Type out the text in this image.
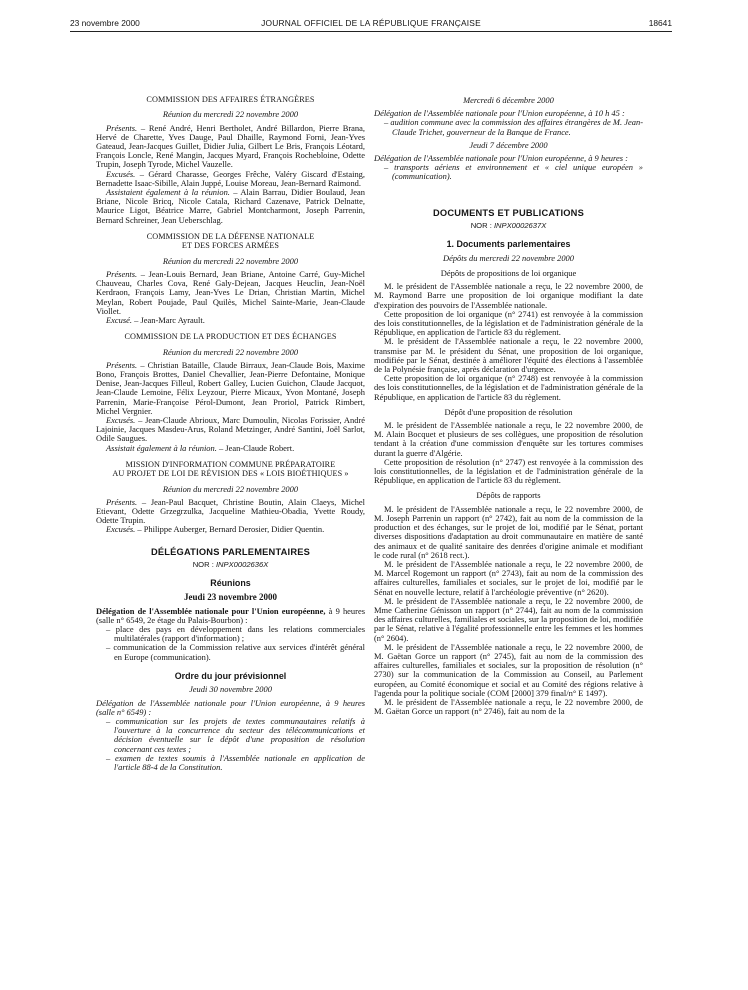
23 novembre 2000	JOURNAL OFFICIEL DE LA RÉPUBLIQUE FRANÇAISE	18641
COMMISSION DES AFFAIRES ÉTRANGÈRES
Réunion du mercredi 22 novembre 2000

Présents. – René André, Henri Bertholet, André Billardon, Pierre Brana, Hervé de Charette, Yves Dauge, Paul Dhaille, Raymond Forni, Jean-Yves Gateaud, Jean-Jacques Guillet, Didier Julia, Gilbert Le Bris, François Léotard, François Loncle, René Mangin, Jacques Myard, François Rochebloine, Odette Trupin, Joseph Tyrode, Michel Vauzelle.

Excusés. – Gérard Charasse, Georges Frêche, Valéry Giscard d'Estaing, Bernadette Isaac-Sibille, Alain Juppé, Louise Moreau, Jean-Bernard Raimond.

Assistaient également à la réunion. – Alain Barrau, Didier Boulaud, Jean Briane, Nicole Bricq, Nicole Catala, Richard Cazenave, Patrick Delnatte, Maurice Ligot, Béatrice Marre, Gabriel Montcharmont, Joseph Parrenin, Bernard Schreiner, Jean Ueberschlag.

COMMISSION DE LA DÉFENSE NATIONALE
ET DES FORCES ARMÉES
Réunion du mercredi 22 novembre 2000

Présents. – Jean-Louis Bernard, Jean Briane, Antoine Carré, Guy-Michel Chauveau, Charles Cova, René Galy-Dejean, Jacques Heuclin, Jean-Noël Kerdraon, François Lamy, Jean-Yves Le Drian, Christian Martin, Michel Meylan, Robert Poujade, Paul Quilès, Michel Sainte-Marie, Jean-Claude Viollet.

Excusé. – Jean-Marc Ayrault.

COMMISSION DE LA PRODUCTION ET DES ÉCHANGES
Réunion du mercredi 22 novembre 2000

Présents. – Christian Bataille, Claude Birraux, Jean-Claude Bois, Maxime Bono, François Brottes, Daniel Chevallier, Jean-Pierre Defontaine, Monique Denise, Jean-Jacques Filleul, Robert Galley, Lucien Guichon, Claude Jacquot, Jean-Claude Lemoine, Félix Leyzour, Pierre Micaux, Yvon Montané, Joseph Parrenin, Marie-Françoise Pérol-Dumont, Jean Proriol, Patrick Rimbert, Michel Vergnier.

Excusés. – Jean-Claude Abrioux, Marc Dumoulin, Nicolas Forissier, André Lajoinie, Jacques Masdeu-Arus, Roland Metzinger, André Santini, Joël Sarlot, Odile Saugues.

Assistait également à la réunion. – Jean-Claude Robert.

MISSION D'INFORMATION COMMUNE PRÉPARATOIRE
AU PROJET DE LOI DE RÉVISION DES « LOIS BIOÉTHIQUES »
Réunion du mercredi 22 novembre 2000

Présents. – Jean-Paul Bacquet, Christine Boutin, Alain Claeys, Michel Etievant, Odette Grzegrzulka, Jacqueline Mathieu-Obadia, Yvette Roudy, Odette Trupin.

Excusés. – Philippe Auberger, Bernard Derosier, Didier Quentin.

DÉLÉGATIONS PARLEMENTAIRES
NOR : INPX0002636X
Réunions
Jeudi 23 novembre 2000

Délégation de l'Assemblée nationale pour l'Union européenne, à 9 heures (salle n° 6549, 2e étage du Palais-Bourbon) :

– place des pays en développement dans les relations commerciales multilatérales (rapport d'information) ;

– communication de la Commission relative aux services d'intérêt général en Europe (communication).

Ordre du jour prévisionnel
Jeudi 30 novembre 2000

Délégation de l'Assemblée nationale pour l'Union européenne, à 9 heures (salle n° 6549) :

– communication sur les projets de textes communautaires relatifs à l'ouverture à la concurrence du secteur des télécommunications et décision éventuelle sur le dépôt d'une proposition de résolution concernant ces textes ;

– examen de textes soumis à l'Assemblée nationale en application de l'article 88-4 de la Constitution.

Mercredi 6 décembre 2000

Délégation de l'Assemblée nationale pour l'Union européenne, à 10 h 45 :

– audition commune avec la commission des affaires étrangères de M. Jean-Claude Trichet, gouverneur de la Banque de France.

Jeudi 7 décembre 2000

Délégation de l'Assemblée nationale pour l'Union européenne, à 9 heures :

– transports aériens et environnement et « ciel unique européen » (communication).

DOCUMENTS ET PUBLICATIONS
NOR : INPX0002637X
1. Documents parlementaires
Dépôts du mercredi 22 novembre 2000
Dépôts de propositions de loi organique

M. le président de l'Assemblée nationale a reçu, le 22 novembre 2000, de M. Raymond Barre une proposition de loi organique modifiant la date d'expiration des pouvoirs de l'Assemblée nationale.

Cette proposition de loi organique (n° 2741) est renvoyée à la commission des lois constitutionnelles, de la législation et de l'administration générale de la République, en application de l'article 83 du règlement.

M. le président de l'Assemblée nationale a reçu, le 22 novembre 2000, transmise par M. le président du Sénat, une proposition de loi organique, modifiée par le Sénat, destinée à améliorer l'équité des élections à l'assemblée de la Polynésie française, après déclaration d'urgence.

Cette proposition de loi organique (n° 2748) est renvoyée à la commission des lois constitutionnelles, de la législation et de l'administration générale de la République, en application de l'article 83 du règlement.

Dépôt d'une proposition de résolution

M. le président de l'Assemblée nationale a reçu, le 22 novembre 2000, de M. Alain Bocquet et plusieurs de ses collègues, une proposition de résolution tendant à la création d'une commission d'enquête sur les tortures commises durant la guerre d'Algérie.

Cette proposition de résolution (n° 2747) est renvoyée à la commission des lois constitutionnelles, de la législation et de l'administration générale de la République, en application de l'article 83 du règlement.

Dépôts de rapports

M. le président de l'Assemblée nationale a reçu, le 22 novembre 2000, de M. Joseph Parrenin un rapport (n° 2742), fait au nom de la commission de la production et des échanges, sur le projet de loi, modifié par le Sénat, portant diverses dispositions d'adaptation au droit communautaire en matière de santé des animaux et de qualité sanitaire des denrées d'origine animale et modifiant le code rural (n° 2618 rect.).

M. le président de l'Assemblée nationale a reçu, le 22 novembre 2000, de M. Marcel Rogemont un rapport (n° 2743), fait au nom de la commission des affaires culturelles, familiales et sociales, sur le projet de loi, modifié par le Sénat en nouvelle lecture, relatif à l'archéologie préventive (n° 2620).

M. le président de l'Assemblée nationale a reçu, le 22 novembre 2000, de Mme Catherine Génisson un rapport (n° 2744), fait au nom de la commission des affaires culturelles, familiales et sociales, sur la proposition de loi, modifiée par le Sénat, relative à l'égalité professionnelle entre les femmes et les hommes (n° 2604).

M. le président de l'Assemblée nationale a reçu, le 22 novembre 2000, de M. Gaëtan Gorce un rapport (n° 2745), fait au nom de la commission des affaires culturelles, familiales et sociales, sur la proposition de résolution (n° 2730) sur la communication de la Commission au Conseil, au Parlement européen, au Comité économique et social et au Comité des régions relative à l'agenda pour la politique sociale (COM [2000] 379 final/n° E 1497).

M. le président de l'Assemblée nationale a reçu, le 22 novembre 2000, de M. Gaëtan Gorce un rapport (n° 2746), fait au nom de la
